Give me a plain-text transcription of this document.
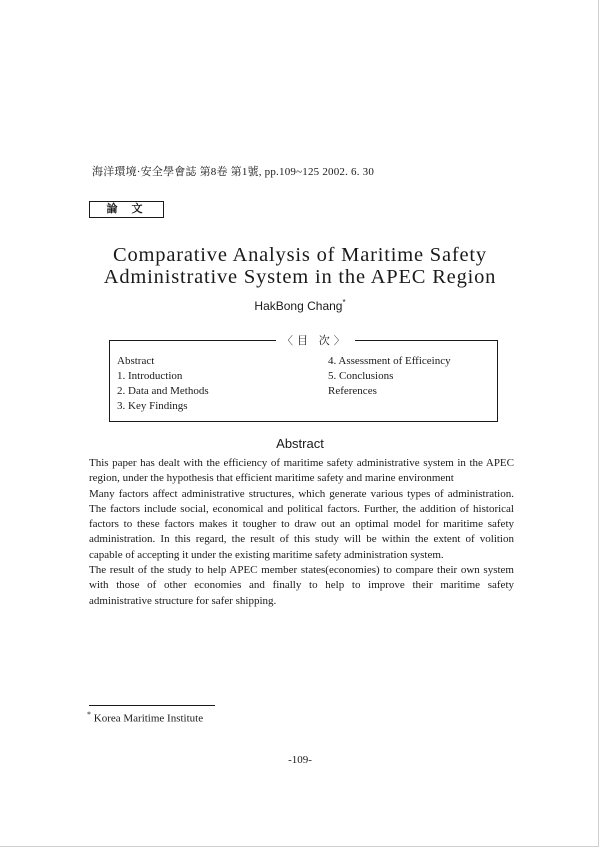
海洋環境·安全學會誌 第8卷 第1號, pp.109~125 2002. 6. 30
論文
Comparative Analysis of Maritime Safety
Administrative System in the APEC Region
HakBong Chang*
〈目 次〉
Abstract
1. Introduction
2. Data and Methods
3. Key Findings
4. Assessment of Efficeincy
5. Conclusions
References
Abstract

This paper has dealt with the efficiency of maritime safety administrative system in the APEC region, under the hypothesis that efficient maritime safety and marine environment

Many factors affect administrative structures, which generate various types of administration. The factors include social, economical and political factors. Further, the addition of historical factors to these factors makes it tougher to draw out an optimal model for maritime safety administration. In this regard, the result of this study will be within the extent of volition capable of accepting it under the existing maritime safety administration system.

The result of the study to help APEC member states(economies) to compare their own system with those of other economies and finally to help to improve their maritime safety administrative structure for safer shipping.

* Korea Maritime Institute
-109-
